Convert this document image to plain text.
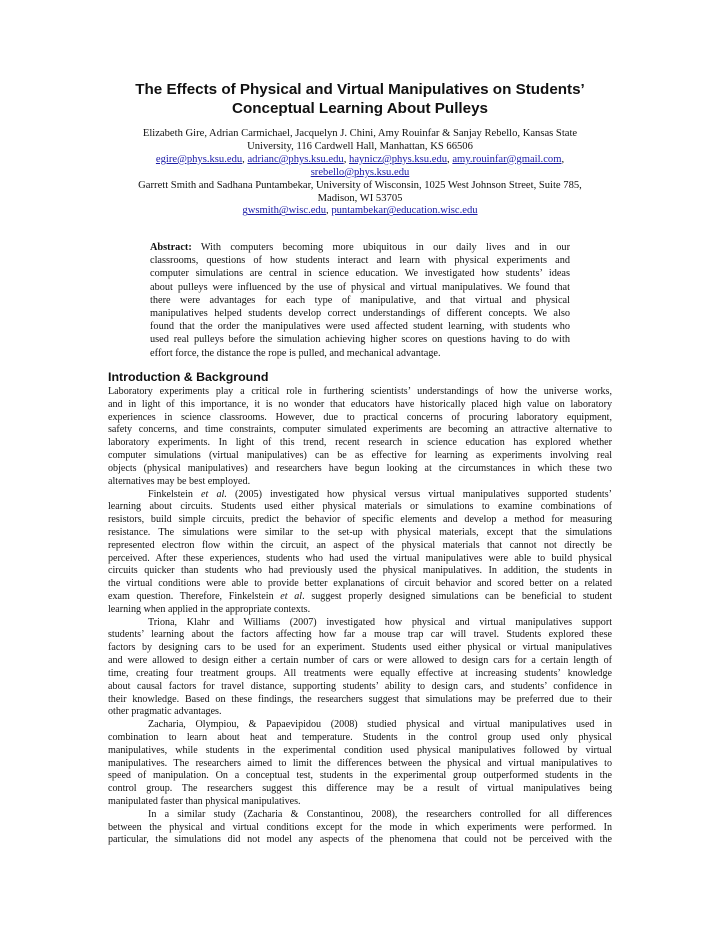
The Effects of Physical and Virtual Manipulatives on Students’
Conceptual Learning About Pulleys
Elizabeth Gire, Adrian Carmichael, Jacquelyn J. Chini, Amy Rouinfar & Sanjay Rebello, Kansas State
University, 116 Cardwell Hall, Manhattan, KS 66506
egire@phys.ksu.edu, adrianc@phys.ksu.edu, haynicz@phys.ksu.edu, amy.rouinfar@gmail.com,
srebello@phys.ksu.edu
Garrett Smith and Sadhana Puntambekar, University of Wisconsin, 1025 West Johnson Street, Suite 785,
Madison, WI 53705
gwsmith@wisc.edu, puntambekar@education.wisc.edu
Abstract: With computers becoming more ubiquitous in our daily lives and in our
classrooms, questions of how students interact and learn with physical experiments and
computer simulations are central in science education. We investigated how students’ ideas
about pulleys were influenced by the use of physical and virtual manipulatives. We found that
there were advantages for each type of manipulative, and that virtual and physical
manipulatives helped students develop correct understandings of different concepts. We also
found that the order the manipulatives were used affected student learning, with students who
used real pulleys before the simulation achieving higher scores on questions having to do with
effort force, the distance the rope is pulled, and mechanical advantage.
Introduction & Background
Laboratory experiments play a critical role in furthering scientists’ understandings of how the universe works,
and in light of this importance, it is no wonder that educators have historically placed high value on laboratory
experiences in science classrooms. However, due to practical concerns of procuring laboratory equipment,
safety concerns, and time constraints, computer simulated experiments are becoming an attractive alternative to
laboratory experiments. In light of this trend, recent research in science education has explored whether
computer simulations (virtual manipulatives) can be as effective for learning as experiments involving real
objects (physical manipulatives) and researchers have begun looking at the circumstances in which these two
alternatives may be best employed.
Finkelstein et al. (2005) investigated how physical versus virtual manipulatives supported students’
learning about circuits. Students used either physical materials or simulations to examine combinations of
resistors, build simple circuits, predict the behavior of specific elements and develop a method for measuring
resistance. The simulations were similar to the set-up with physical materials, except that the simulations
represented electron flow within the circuit, an aspect of the physical materials that cannot not directly be
perceived. After these experiences, students who had used the virtual manipulatives were able to build physical
circuits quicker than students who had previously used the physical manipulatives. In addition, the students in
the virtual conditions were able to provide better explanations of circuit behavior and scored better on a related
exam question. Therefore, Finkelstein et al. suggest properly designed simulations can be beneficial to student
learning when applied in the appropriate contexts.
Triona, Klahr and Williams (2007) investigated how physical and virtual manipulatives support
students’ learning about the factors affecting how far a mouse trap car will travel. Students explored these
factors by designing cars to be used for an experiment. Students used either physical or virtual manipulatives
and were allowed to design either a certain number of cars or were allowed to design cars for a certain length of
time, creating four treatment groups. All treatments were equally effective at increasing students’ knowledge
about causal factors for travel distance, supporting students’ ability to design cars, and students’ confidence in
their knowledge. Based on these findings, the researchers suggest that simulations may be preferred due to their
other pragmatic advantages.
Zacharia, Olympiou, & Papaevipidou (2008) studied physical and virtual manipulatives used in
combination to learn about heat and temperature. Students in the control group used only physical
manipulatives, while students in the experimental condition used physical manipulatives followed by virtual
manipulatives. The researchers aimed to limit the differences between the physical and virtual manipulatives to
speed of manipulation. On a conceptual test, students in the experimental group outperformed students in the
control group. The researchers suggest this difference may be a result of virtual manipulatives being
manipulated faster than physical manipulatives.
In a similar study (Zacharia & Constantinou, 2008), the researchers controlled for all differences
between the physical and virtual conditions except for the mode in which experiments were performed. In
particular, the simulations did not model any aspects of the phenomena that could not be perceived with the
